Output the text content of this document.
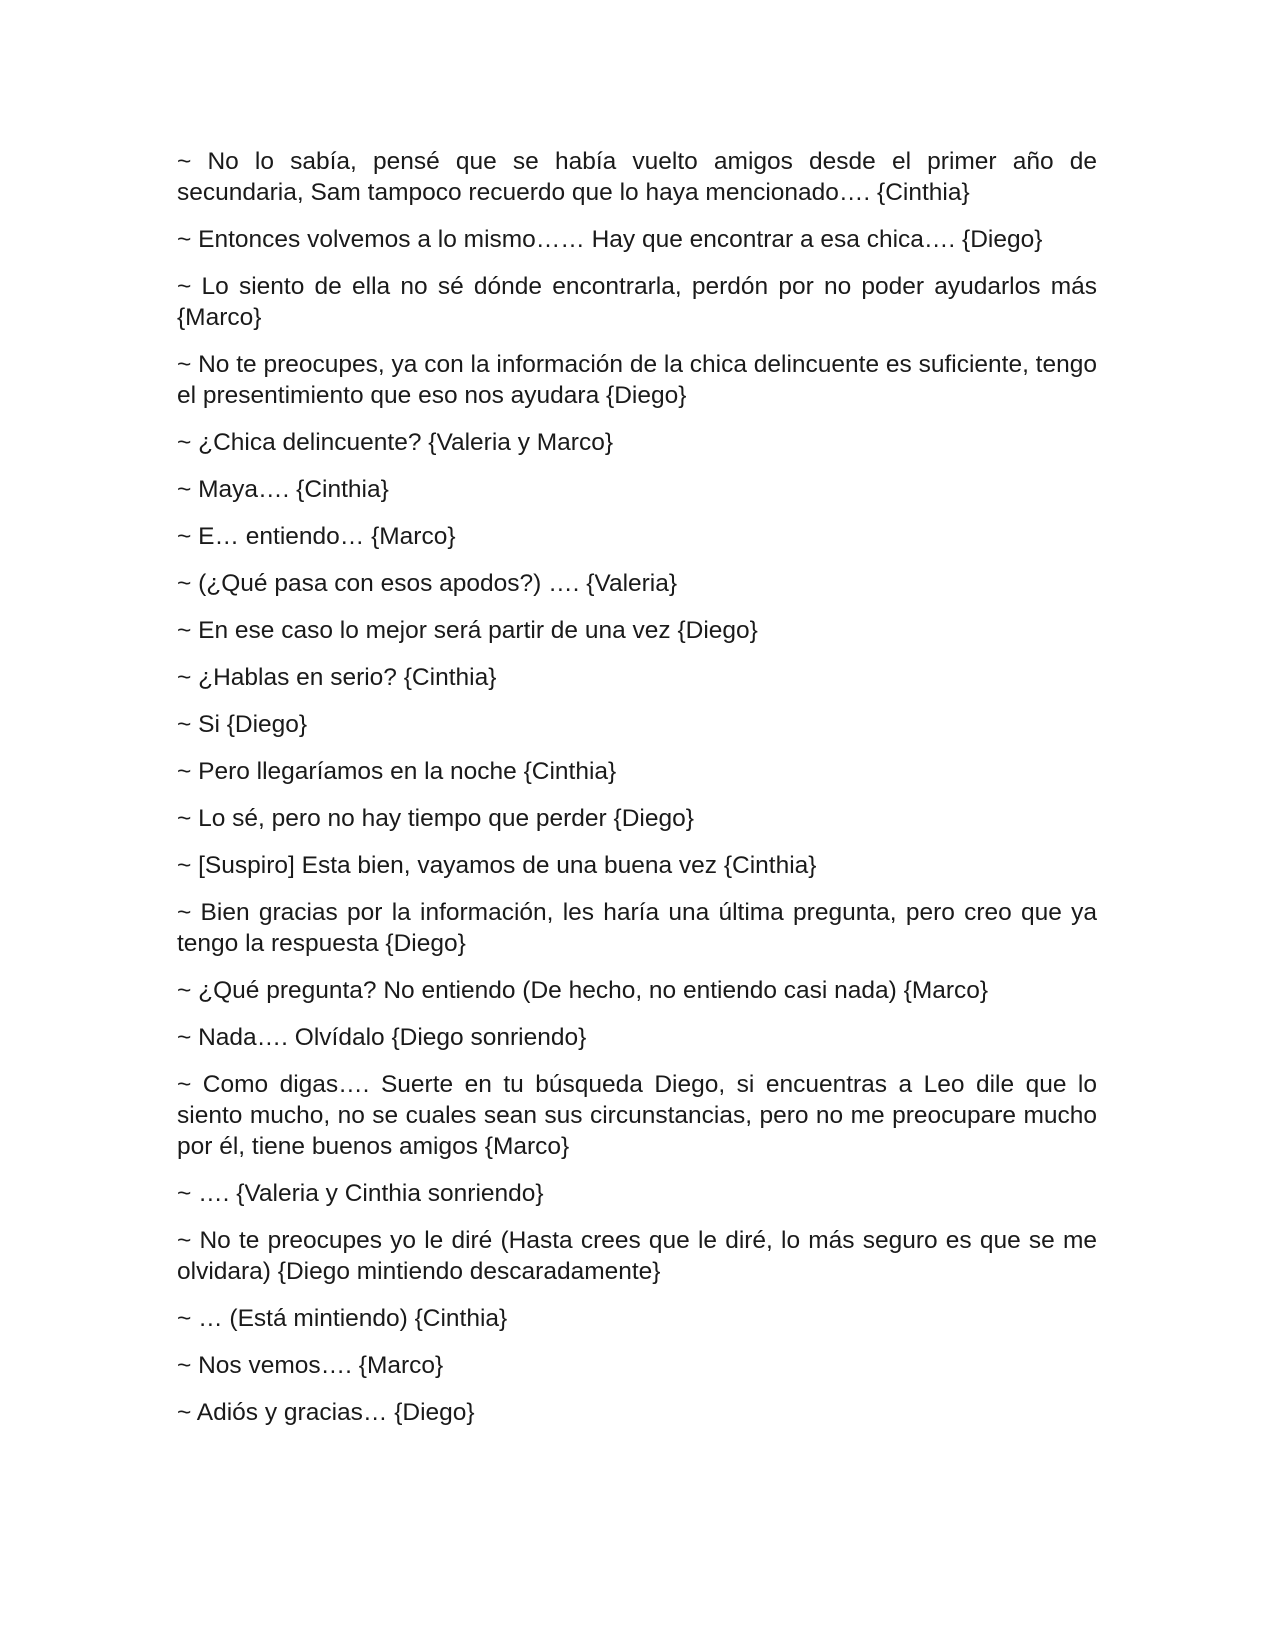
~ No lo sabía, pensé que se había vuelto amigos desde el primer año de secundaria, Sam tampoco recuerdo que lo haya mencionado…. {Cinthia}

~ Entonces volvemos a lo mismo…… Hay que encontrar a esa chica…. {Diego}

~ Lo siento de ella no sé dónde encontrarla, perdón por no poder ayudarlos más {Marco}

~ No te preocupes, ya con la información de la chica delincuente es suficiente, tengo el presentimiento que eso nos ayudara {Diego}

~ ¿Chica delincuente? {Valeria y Marco}

~ Maya…. {Cinthia}

~ E… entiendo… {Marco}

~ (¿Qué pasa con esos apodos?) …. {Valeria}

~ En ese caso lo mejor será partir de una vez {Diego}

~ ¿Hablas en serio? {Cinthia}

~ Si {Diego}

~ Pero llegaríamos en la noche {Cinthia}

~ Lo sé, pero no hay tiempo que perder {Diego}

~ [Suspiro] Esta bien, vayamos de una buena vez {Cinthia}

~ Bien gracias por la información, les haría una última pregunta, pero creo que ya tengo la respuesta {Diego}

~ ¿Qué pregunta? No entiendo (De hecho, no entiendo casi nada) {Marco}

~ Nada…. Olvídalo {Diego sonriendo}

~ Como digas…. Suerte en tu búsqueda Diego, si encuentras a Leo dile que lo siento mucho, no se cuales sean sus circunstancias, pero no me preocupare mucho por él, tiene buenos amigos {Marco}

~ …. {Valeria y Cinthia sonriendo}

~ No te preocupes yo le diré (Hasta crees que le diré, lo más seguro es que se me olvidara) {Diego mintiendo descaradamente}

~ … (Está mintiendo) {Cinthia}

~ Nos vemos…. {Marco}

~ Adiós y gracias… {Diego}
